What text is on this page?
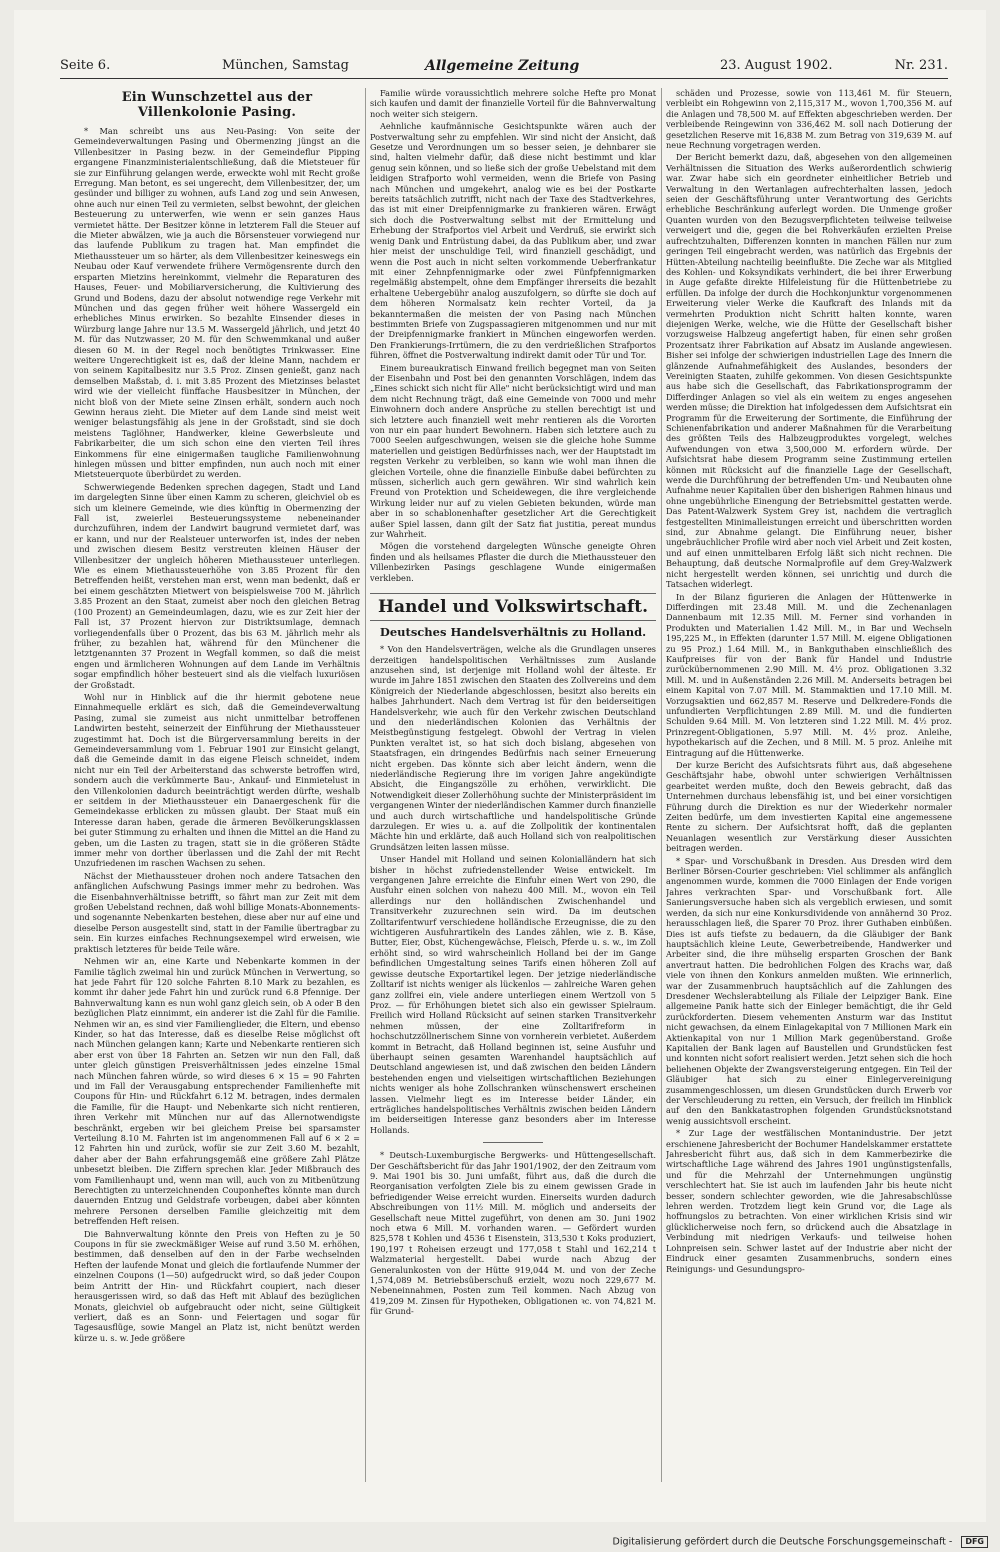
Seite 6.	München, Samstag	Allgemeine Zeitung	23. August 1902.	Nr. 231.
Ein Wunschzettel aus der Villenkolonie Pasing.

* Man schreibt uns aus Neu-Pasing: Von seite der Gemeindeverwaltungen Pasing und Obermenzing jüngst an die Villenbesitzer in Pasing bezw. in der Gemeindeflur Pipping ergangene Finanzministerialentschließung, daß die Mietsteuer für sie zur Einführung gelangen werde, erweckte wohl mit Recht große Erregung. Man betont, es sei ungerecht, dem Villenbesitzer, der, um gesünder und billiger zu wohnen, aufs Land zog und sein Anwesen, ohne auch nur einen Teil zu vermieten, selbst bewohnt, der gleichen Besteuerung zu unterwerfen, wie wenn er sein ganzes Haus vermietet hätte. Der Besitzer könne in letzterem Fall die Steuer auf die Mieter abwälzen, wie ja auch die Börsensteuer vorwiegend nur das laufende Publikum zu tragen hat. Man empfindet die Miethaussteuer um so härter, als dem Villenbesitzer keineswegs ein Neubau oder Kauf verwendete frühere Vermögensrente durch den ersparten Mietzins hereinkommt, vielmehr die Reparaturen des Hauses, Feuer- und Mobiliarversicherung, die Kultivierung des Grund und Bodens, dazu der absolut notwendige rege Verkehr mit München und das gegen früher weit höhere Wassergeld ein erhebliches Minus erwirken. So bezahlte Einsender dieses in Würzburg lange Jahre nur 13.5 M. Wassergeld jährlich, und jetzt 40 M. für das Nutzwasser, 20 M. für den Schwemmkanal und außer diesen 60 M. in der Regel noch benötigtes Trinkwasser. Eine weitere Ungerechtigkeit ist es, daß der kleine Mann, nachdem er von seinem Kapitalbesitz nur 3.5 Proz. Zinsen genießt, ganz nach demselben Maßstab, d. i. mit 3.85 Prozent des Mietzinses belastet wird wie der vielleicht fünffache Hausbesitzer in München, der nicht bloß von der Miete seine Zinsen erhält, sondern auch noch Gewinn heraus zieht. Die Mieter auf dem Lande sind meist weit weniger belastungsfähig als jene in der Großstadt, sind sie doch meistens Taglöhner, Handwerker, kleine Gewerbsleute und Fabrikarbeiter, die um sich schon eine den vierten Teil ihres Einkommens für eine einigermaßen taugliche Familienwohnung hinlegen müssen und bitter empfinden, nun auch noch mit einer Mietsteuerquote überbürdet zu werden.

Schwerwiegende Bedenken sprechen dagegen, Stadt und Land im dargelegten Sinne über einen Kamm zu scheren, gleichviel ob es sich um kleinere Gemeinde, wie dies künftig in Obermenzing der Fall ist, zweierlei Besteuerungssysteme nebeneinander durchzuführen, indem der Landwirt baugrund vermietet darf, was er kann, und nur der Realsteuer unterworfen ist, indes der neben und zwischen diesem Besitz verstreuten kleinen Häuser der Villenbesitzer der ungleich höheren Miethaussteuer unterliegen. Wie es einem Miethaussteuerhöhe von 3.85 Prozent für den Betreffenden heißt, verstehen man erst, wenn man bedenkt, daß er bei einem geschätzten Mietwert von beispielsweise 700 M. jährlich 3.85 Prozent an den Staat, zumeist aber noch den gleichen Betrag (100 Prozent) an Gemeindeumlagen, dazu, wie es zur Zeit hier der Fall ist, 37 Prozent hiervon zur Distriktsumlage, demnach vorliegendenfalls über 0 Prozent, das bis 63 M. jährlich mehr als früher, zu bezahlen hat, während für den Münchener die letztgenannten 37 Prozent in Wegfall kommen, so daß die meist engen und ärmlicheren Wohnungen auf dem Lande im Verhältnis sogar empfindlich höher besteuert sind als die vielfach luxuriösen der Großstadt.

Wohl nur in Hinblick auf die ihr hiermit gebotene neue Einnahmequelle erklärt es sich, daß die Gemeindeverwaltung Pasing, zumal sie zumeist aus nicht unmittelbar betroffenen Landwirten besteht, seinerzeit der Einführung der Miethaussteuer zugestimmt hat. Doch ist die Bürgerversammlung bereits in der Gemeindeversammlung vom 1. Februar 1901 zur Einsicht gelangt, daß die Gemeinde damit in das eigene Fleisch schneidet, indem nicht nur ein Teil der Arbeiterstand das schwerste betroffen wird, sondern auch die verkümmerte Bau-, Ankauf- und Einmietelust in den Villenkolonien dadurch beeinträchtigt werden dürfte, weshalb er seitdem in der Miethaussteuer ein Danaergeschenk für die Gemeindekasse erblicken zu müssen glaubt. Der Staat muß ein Interesse daran haben, gerade die ärmeren Bevölkerungsklassen bei guter Stimmung zu erhalten und ihnen die Mittel an die Hand zu geben, um die Lasten zu tragen, statt sie in die größeren Städte immer mehr von dorther überlassen und die Zahl der mit Recht Unzufriedenen im raschen Wachsen zu sehen.

Nächst der Miethaussteuer drohen noch andere Tatsachen den anfänglichen Aufschwung Pasings immer mehr zu bedrohen. Was die Eisenbahnverhältnisse betrifft, so fährt man zur Zeit mit dem großen Uebelstand rechnen, daß wohl billige Monats-Abonnements- und sogenannte Nebenkarten bestehen, diese aber nur auf eine und dieselbe Person ausgestellt sind, statt in der Familie übertragbar zu sein. Ein kurzes einfaches Rechnungsexempel wird erweisen, wie praktisch letzteres für beide Teile wäre.

Nehmen wir an, eine Karte und Nebenkarte kommen in der Familie täglich zweimal hin und zurück München in Verwertung, so hat jede Fahrt für 120 solche Fahrten 8.10 Mark zu bezahlen, es kommt ihr daher jede Fahrt hin und zurück rund 6.8 Pfennige. Der Bahnverwaltung kann es nun wohl ganz gleich sein, ob A oder B den bezüglichen Platz einnimmt, ein anderer ist die Zahl für die Familie. Nehmen wir an, es sind vier Familienglieder, die Eltern, und ebenso Kinder, so hat das Interesse, daß es dieselbe Reise möglichst oft nach München gelangen kann; Karte und Nebenkarte rentieren sich aber erst von über 18 Fahrten an. Setzen wir nun den Fall, daß unter gleich günstigen Preisverhältnissen jedes einzelne 15mal nach München fahren würde, so wird dieses 6 × 15 = 90 Fahrten und im Fall der Verausgabung entsprechender Familienhefte mit Coupons für Hin- und Rückfahrt 6.12 M. betragen, indes dermalen die Familie, für die Haupt- und Nebenkarte sich nicht rentieren, ihren Verkehr mit München nur auf das Allernotwendigste beschränkt, ergeben wir bei gleichem Preise bei sparsamster Verteilung 8.10 M. Fahrten ist im angenommenen Fall auf 6 × 2 = 12 Fahrten hin und zurück, wofür sie zur Zeit 3.60 M. bezahlt, daher aber der Bahn erfahrungsgemäß eine größere Zahl Plätze unbesetzt bleiben. Die Ziffern sprechen klar. Jeder Mißbrauch des vom Familienhaupt und, wenn man will, auch von zu Mitbenützung Berechtigten zu unterzeichnenden Couponheftes könnte man durch dauernden Entzug und Geldstrafe vorbeugen, dabei aber könnten mehrere Personen derselben Familie gleichzeitig mit dem betreffenden Heft reisen.

Die Bahnverwaltung könnte den Preis von Heften zu je 50 Coupons in für sie zweckmäßiger Weise auf rund 3.50 M. erhöhen, bestimmen, daß denselben auf den in der Farbe wechselnden Heften der laufende Monat und gleich die fortlaufende Nummer der einzelnen Coupons (1—50) aufgedruckt wird, so daß jeder Coupon beim Antritt der Hin- und Rückfahrt coupiert, nach dieser herausgerissen wird, so daß das Heft mit Ablauf des bezüglichen Monats, gleichviel ob aufgebraucht oder nicht, seine Gültigkeit verliert, daß es an Sonn- und Feiertagen und sogar für Tagesausflüge, sowie Mangel an Platz ist, nicht benützt werden kürze u. s. w. Jede größere

Familie würde voraussichtlich mehrere solche Hefte pro Monat sich kaufen und damit der finanzielle Vorteil für die Bahnverwaltung noch weiter sich steigern.

Aehnliche kaufmännische Gesichtspunkte wären auch der Postverwaltung sehr zu empfehlen. Wir sind nicht der Ansicht, daß Gesetze und Verordnungen um so besser seien, je dehnbarer sie sind, halten vielmehr dafür, daß diese nicht bestimmt und klar genug sein können, und so ließe sich der große Uebelstand mit dem leidigen Strafporto wohl vermeiden, wenn die Briefe von Pasing nach München und umgekehrt, analog wie es bei der Postkarte bereits tatsächlich zutrifft, nicht nach der Taxe des Stadtverkehres, das ist mit einer Dreipfennigmarke zu frankieren wären. Erwägt sich doch die Postverwaltung selbst mit der Ermittelung und Erhebung der Strafportos viel Arbeit und Verdruß, sie erwirkt sich wenig Dank und Entrüstung dabei, da das Publikum aber, und zwar hier meist der unschuldige Teil, wird finanziell geschädigt, und wenn die Post auch in nicht selten vorkommende Ueberfrankatur mit einer Zehnpfennigmarke oder zwei Fünfpfennigmarken regelmäßig abstempelt, ohne dem Empfänger ihrerseits die bezahlt erhaltene Uebergebühr analog auszufolgern, so dürfte sie doch auf dem höheren Normalsatz kein rechter Vorteil, da ja bekanntermaßen die meisten der von Pasing nach München bestimmten Briefe von Zugspassagieren mitgenommen und nur mit der Dreipfennigmarke frankiert in München eingeworfen werden. Den Frankierungs-Irrtümern, die zu den verdrießlichen Strafportos führen, öffnet die Postverwaltung indirekt damit oder Tür und Tor.

Einem bureaukratisch Einwand freilich begegnet man von Seiten der Eisenbahn und Post bei den genannten Vorschlägen, indem das „Eines schickt sich nicht für Alle" nicht berücksichtigt wird und man dem nicht Rechnung trägt, daß eine Gemeinde von 7000 und mehr Einwohnern doch andere Ansprüche zu stellen berechtigt ist und sich letztere auch finanziell weit mehr rentieren als die Vororten von nur ein paar hundert Bewohnern. Haben sich letztere auch zu 7000 Seelen aufgeschwungen, weisen sie die gleiche hohe Summe materiellen und geistigen Bedürfnisses nach, wer der Hauptstadt im regsten Verkehr zu verbleiben, so kann wie wohl man ihnen die gleichen Vorteile, ohne die finanzielle Einbuße dabei befürchten zu müssen, sicherlich auch gern gewähren. Wir sind wahrlich kein Freund von Protektion und Scheidewegen, die ihre vergleichende Wirkung leider nur auf zu vielen Gebieten bekunden, würde man aber in so schablonenhafter gesetzlicher Art die Gerechtigkeit außer Spiel lassen, dann gilt der Satz fiat justitia, pereat mundus zur Wahrheit.

Mögen die vorstehend dargelegten Wünsche geneigte Ohren finden und als heilsames Pflaster die durch die Miethaussteuer den Villenbezirken Pasings geschlagene Wunde einigermaßen verkleben.

Handel und Volkswirtschaft.
Deutsches Handelsverhältnis zu Holland.

* Von den Handelsverträgen, welche als die Grundlagen unseres derzeitigen handelspolitischen Verhältnisses zum Auslande anzusehen sind, ist derjenige mit Holland wohl der älteste. Er wurde im Jahre 1851 zwischen den Staaten des Zollvereins und dem Königreich der Niederlande abgeschlossen, besitzt also bereits ein halbes Jahrhundert. Nach dem Vertrag ist für den beiderseitigen Handelsverkehr, wie auch für den Verkehr zwischen Deutschland und den niederländischen Kolonien das Verhältnis der Meistbegünstigung festgelegt. Obwohl der Vertrag in vielen Punkten veraltet ist, so hat sich doch bislang, abgesehen von Staatsfragen, ein dringendes Bedürfnis nach seiner Erneuerung nicht ergeben. Das könnte sich aber leicht ändern, wenn die niederländische Regierung ihre im vorigen Jahre angekündigte Absicht, die Eingangszölle zu erhöhen, verwirklicht. Die Notwendigkeit dieser Zollerhöhung suchte der Ministerpräsident im vergangenen Winter der niederländischen Kammer durch finanzielle und auch durch wirtschaftliche und handelspolitische Gründe darzulegen. Er wies u. a. auf die Zollpolitik der kontinentalen Mächte hin und erklärte, daß auch Holland sich von realpolitischen Grundsätzen leiten lassen müsse.

Unser Handel mit Holland und seinen Kolonialländern hat sich bisher in höchst zufriedenstellender Weise entwickelt. Im vergangenen Jahre erreichte die Einfuhr einen Wert von 290, die Ausfuhr einen solchen von nahezu 400 Mill. M., wovon ein Teil allerdings nur den holländischen Zwischenhandel und Transitverkehr zuzurechnen sein wird. Da im deutschen Zolltarifentwurf verschiedene holländische Erzeugnisse, die zu den wichtigeren Ausfuhrartikeln des Landes zählen, wie z. B. Käse, Butter, Eier, Obst, Küchengewächse, Fleisch, Pferde u. s. w., im Zoll erhöht sind, so wird wahrscheinlich Holland bei der im Gange befindlichen Umgestaltung seines Tarifs einen höheren Zoll auf gewisse deutsche Exportartikel legen. Der jetzige niederländische Zolltarif ist nichts weniger als lückenlos — zahlreiche Waren gehen ganz zollfrei ein, viele andere unterliegen einem Wertzoll von 5 Proz. — für Erhöhungen bietet sich also ein gewisser Spielraum. Freilich wird Holland Rücksicht auf seinen starken Transitverkehr nehmen müssen, der eine Zolltarifreform in hochschutzzöllnerischem Sinne von vornherein verbietet. Außerdem kommt in Betracht, daß Holland beginnen ist, seine Ausfuhr und überhaupt seinen gesamten Warenhandel hauptsächlich auf Deutschland angewiesen ist, und daß zwischen den beiden Ländern bestehenden engen und vielseitigen wirtschaftlichen Beziehungen nichts weniger als hohe Zollschranken wünschenswert erscheinen lassen. Vielmehr liegt es im Interesse beider Länder, ein erträgliches handelspolitisches Verhältnis zwischen beiden Ländern im beiderseitigen Interesse ganz besonders aber im Interesse Hollands.

* Deutsch-Luxemburgische Bergwerks- und Hüttengesellschaft. Der Geschäftsbericht für das Jahr 1901/1902, der den Zeitraum vom 9. Mai 1901 bis 30. Juni umfaßt, führt aus, daß die durch die Reorganisation verfolgten Ziele bis zu einem gewissen Grade in befriedigender Weise erreicht wurden. Einerseits wurden dadurch Abschreibungen von 11½ Mill. M. möglich und anderseits der Gesellschaft neue Mittel zugeführt, von denen am 30. Juni 1902 noch etwa 6 Mill. M. vorhanden waren. — Gefördert wurden 825,578 t Kohlen und 4536 t Eisenstein, 313,530 t Koks produziert, 190,197 t Roheisen erzeugt und 177,058 t Stahl und 162,214 t Walzmaterial hergestellt. Dabei wurde nach Abzug der Generalunkosten von der Hütte 919,044 M. und von der Zeche 1,574,089 M. Betriebsüberschuß erzielt, wozu noch 229,677 M. Nebeneinnahmen, Posten zum Teil kommen. Nach Abzug von 419,209 M. Zinsen für Hypotheken, Obligationen ꝛc. von 74,821 M. für Grund-

schäden und Prozesse, sowie von 113,461 M. für Steuern, verbleibt ein Rohgewinn von 2,115,317 M., wovon 1,700,356 M. auf die Anlagen und 78,500 M. auf Effekten abgeschrieben werden. Der verbleibende Reingewinn von 336,462 M. soll nach Dotierung der gesetzlichen Reserve mit 16,838 M. zum Betrag von 319,639 M. auf neue Rechnung vorgetragen werden.

Der Bericht bemerkt dazu, daß, abgesehen von den allgemeinen Verhältnissen die Situation des Werks außerordentlich schwierig war. Zwar habe sich ein geordneter einheitlicher Betrieb und Verwaltung in den Wertanlagen aufrechterhalten lassen, jedoch seien der Geschäftsführung unter Verantwortung des Gerichts erhebliche Beschränkung auferlegt worden. Die Unmenge großer Quanten wurden von den Bezugsverpflichteten teilweise teilweise verweigert und die, gegen die bei Rohverkäufen erzielten Preise aufrechtzuhalten, Differenzen konnten in manchen Fällen nur zum geringen Teil eingebracht werden, was natürlich das Ergebnis der Hütten-Abteilung nachteilig beeinflußte. Die Zeche war als Mitglied des Kohlen- und Koksyndikats verhindert, die bei ihrer Erwerbung in Auge gefaßte direkte Hilfeleistung für die Hüttenbetriebe zu erfüllen. Da infolge der durch die Hochkonjunktur vorgenommenen Erweiterung vieler Werke die Kaufkraft des Inlands mit da vermehrten Produktion nicht Schritt halten konnte, waren diejenigen Werke, welche, wie die Hütte der Gesellschaft bisher vorzugsweise Halbzeug angefertigt haben, für einen sehr großen Prozentsatz ihrer Fabrikation auf Absatz im Auslande angewiesen. Bisher sei infolge der schwierigen industriellen Lage des Innern die glänzende Aufnahmefähigkeit des Auslandes, besonders der Vereinigten Staaten, zuhilfe gekommen. Von diesen Gesichtspunkte aus habe sich die Gesellschaft, das Fabrikationsprogramm der Differdinger Anlagen so viel als ein weitem zu enges angesehen werden müsse; die Direktion hat infolgedessen dem Aufsichtsrat ein Programm für die Erweiterung der Sortimente, die Einführung der Schienenfabrikation und anderer Maßnahmen für die Verarbeitung des größten Teils des Halbzeugproduktes vorgelegt, welches Aufwendungen von etwa 3,500,000 M. erfordern würde. Der Aufsichtsrat habe diesem Programm seine Zustimmung erteilen können mit Rücksicht auf die finanzielle Lage der Gesellschaft, werde die Durchführung der betreffenden Um- und Neubauten ohne Aufnahme neuer Kapitalien über den bisherigen Rahmen hinaus und ohne ungebührliche Einengung der Betriebsmittel gestatten werde. Das Patent-Walzwerk System Grey ist, nachdem die vertraglich festgestellten Minimalleistungen erreicht und überschritten worden sind, zur Abnahme gelangt. Die Einführung neuer, bisher ungebräuchlicher Profile wird aber noch viel Arbeit und Zeit kosten, und auf einen unmittelbaren Erfolg läßt sich nicht rechnen. Die Behauptung, daß deutsche Normalprofile auf dem Grey-Walzwerk nicht hergestellt werden können, sei unrichtig und durch die Tatsachen widerlegt.

In der Bilanz figurieren die Anlagen der Hüttenwerke in Differdingen mit 23.48 Mill. M. und die Zechenanlagen Dannenbaum mit 12.35 Mill. M. Ferner sind vorhanden in Produkten und Materialien 1.42 Mill. M., in Bar und Wechseln 195,225 M., in Effekten (darunter 1.57 Mill. M. eigene Obligationen zu 95 Proz.) 1.64 Mill. M., in Bankguthaben einschließlich des Kaufpreises für von der Bank für Handel und Industrie zurückübernommenen 2.90 Mill. M. 4½ proz. Obligationen 3.32 Mill. M. und in Außenständen 2.26 Mill. M. Anderseits betragen bei einem Kapital von 7.07 Mill. M. Stammaktien und 17.10 Mill. M. Vorzugsaktien und 662,857 M. Reserve und Delkredere-Fonds die unfundierten Verpflichtungen 2.89 Mill. M. und die fundierten Schulden 9.64 Mill. M. Von letzteren sind 1.22 Mill. M. 4½ proz. Prinzregent-Obligationen, 5.97 Mill. M. 4½ proz. Anleihe, hypothekarisch auf die Zechen, und 8 Mill. M. 5 proz. Anleihe mit Eintragung auf die Hüttenwerke.

Der kurze Bericht des Aufsichtsrats führt aus, daß abgesehene Geschäftsjahr habe, obwohl unter schwierigen Verhältnissen gearbeitet werden mußte, doch den Beweis gebracht, daß das Unternehmen durchaus lebensfähig ist, und bei einer vorsichtigen Führung durch die Direktion es nur der Wiederkehr normaler Zeiten bedürfe, um dem investierten Kapital eine angemessene Rente zu sichern. Der Aufsichtsrat hofft, daß die geplanten Neuanlagen wesentlich zur Verstärkung dieser Aussichten beitragen werden.

* Spar- und Vorschußbank in Dresden. Aus Dresden wird dem Berliner Börsen-Courier geschrieben: Viel schlimmer als anfänglich angenommen wurde, kommen die 7000 Einlagen der Ende vorigen Jahres verkrachten Spar- und Vorschußbank fort. Alle Sanierungsversuche haben sich als vergeblich erwiesen, und somit werden, da sich nur eine Konkursdividende von annähernd 30 Proz. herausschlagen ließ, die Sparer 70 Proz. ihrer Guthaben einbüßen. Dies ist aufs tiefste zu bedauern, da die Gläubiger der Bank hauptsächlich kleine Leute, Gewerbetreibende, Handwerker und Arbeiter sind, die ihre mühselig ersparten Groschen der Bank anvertraut hatten. Die bedrohlichen Folgen des Krachs war, daß viele von ihnen den Konkurs anmelden mußten. Wie erinnerlich, war der Zusammenbruch hauptsächlich auf die Zahlungen des Dresdener Wechslerabteilung als Filiale der Leipziger Bank. Eine allgemeine Panik hatte sich der Einleger bemächtigt, die ihr Geld zurückforderten. Diesem vehementen Ansturm war das Institut nicht gewachsen, da einem Einlagekapital von 7 Millionen Mark ein Aktienkapital von nur 1 Million Mark gegenüberstand. Große Kapitalien der Bank lagen auf Baustellen und Grundstücken fest und konnten nicht sofort realisiert werden. Jetzt sehen sich die hoch beliehenen Objekte der Zwangsversteigerung entgegen. Ein Teil der Gläubiger hat sich zu einer Einlegervereinigung zusammengeschlossen, um diesen Grundstücken durch Erwerb vor der Verschleuderung zu retten, ein Versuch, der freilich im Hinblick auf den den Bankkatastrophen folgenden Grundstücksnotstand wenig aussichtsvoll erscheint.

* Zur Lage der westfälischen Montanindustrie. Der jetzt erschienene Jahresbericht der Bochumer Handelskammer erstattete Jahresbericht führt aus, daß sich in dem Kammerbezirke die wirtschaftliche Lage während des Jahres 1901 ungünstigstenfalls, und für die Mehrzahl der Unternehmungen ungünstig verschlechtert hat. Sie ist auch im laufenden Jahr bis heute nicht besser, sondern schlechter geworden, wie die Jahresabschlüsse lehren werden. Trotzdem liegt kein Grund vor, die Lage als hoffnungslos zu betrachten. Von einer wirklichen Krisis sind wir glücklicherweise noch fern, so drückend auch die Absatzlage in Verbindung mit niedrigen Verkaufs- und teilweise hohen Lohnpreisen sein. Schwer lastet auf der Industrie aber nicht der Eindruck einer gesamten Zusammenbruchs, sondern eines Reinigungs- und Gesundungspro-

Digitalisierung gefördert durch die Deutsche Forschungsgemeinschaft - DFG
